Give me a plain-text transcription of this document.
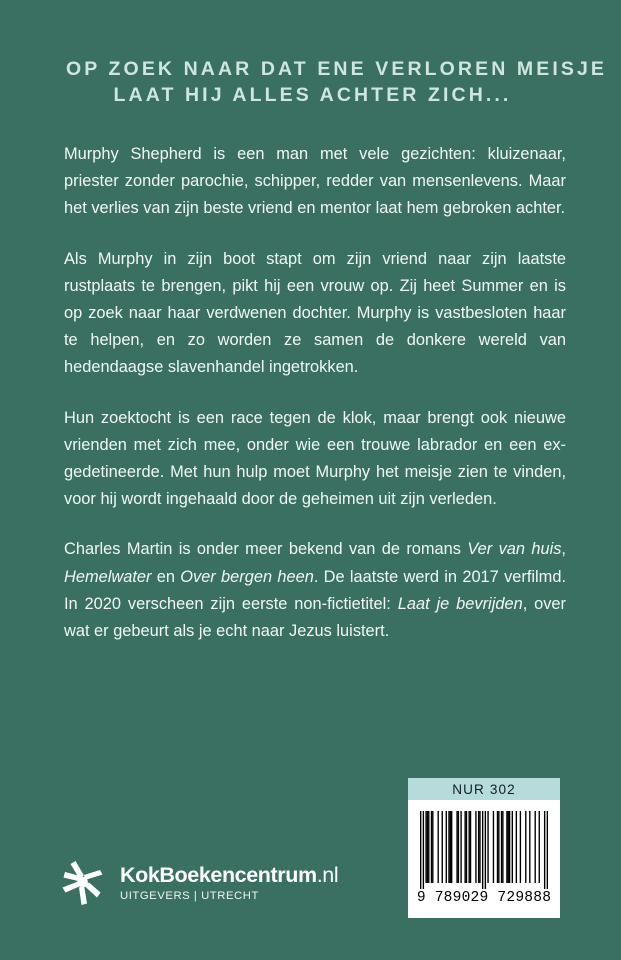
OP ZOEK NAAR DAT ENE VERLOREN MEISJE
LAAT HIJ ALLES ACHTER ZICH...

Murphy Shepherd is een man met vele gezichten: kluizenaar, priester zonder parochie, schipper, redder van mensenlevens. Maar het verlies van zijn beste vriend en mentor laat hem gebroken achter.

Als Murphy in zijn boot stapt om zijn vriend naar zijn laatste rustplaats te brengen, pikt hij een vrouw op. Zij heet Summer en is op zoek naar haar verdwenen dochter. Murphy is vastbesloten haar te helpen, en zo worden ze samen de donkere wereld van hedendaagse slavenhandel ingetrokken.

Hun zoektocht is een race tegen de klok, maar brengt ook nieuwe vrienden met zich mee, onder wie een trouwe labrador en een ex-gedetineerde. Met hun hulp moet Murphy het meisje zien te vinden, voor hij wordt ingehaald door de geheimen uit zijn verleden.

Charles Martin is onder meer bekend van de romans Ver van huis, Hemelwater en Over bergen heen. De laatste werd in 2017 verfilmd. In 2020 verscheen zijn eerste non-fictietitel: Laat je bevrijden, over wat er gebeurt als je echt naar Jezus luistert.

KokBoekencentrum.nl
UITGEVERS | UTRECHT
NUR 302
9 789029 729888
